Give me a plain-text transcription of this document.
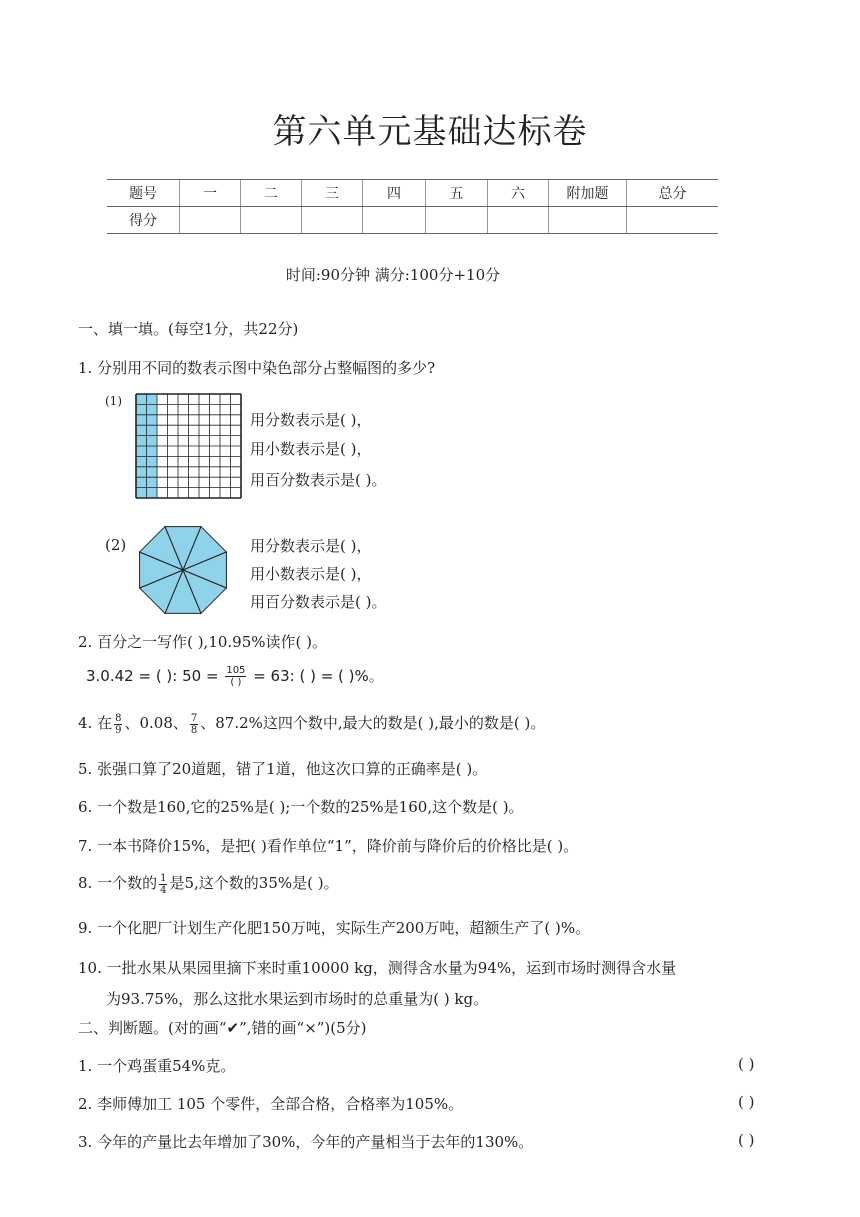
第六单元基础达标卷
题号	一	二	三	四	五	六	附加题	总分
得分								
时间:90分钟 满分:100分+10分
一、填一填。(每空1分，共22分)
1. 分别用不同的数表示图中染色部分占整幅图的多少?
(1)
用分数表示是( )，
用小数表示是( )，
用百分数表示是( )。
(2)	用分数表示是( )，
用小数表示是( )，
用百分数表示是( )。
2. 百分之一写作( ),10.95%读作( )。
3.0.42 = ( ): $50 = \frac{105}{( )} = 63$: ( ) = ( )%。
4. 在 $\frac{8}{9}$ 、0.08、 $\frac{7}{8}$ 、87.2%这四个数中,最大的数是( ),最小的数是( )。
5. 张强口算了20道题，错了1道，他这次口算的正确率是( )。
6. 一个数是160,它的25%是( );一个数的25%是160,这个数是( )。
7. 一本书降价15%，是把( )看作单位“1”，降价前与降价后的价格比是( )。
8. 一个数的 $\frac{1}{4}$ 是5,这个数的35%是( )。
9. 一个化肥厂计划生产化肥150万吨，实际生产200万吨，超额生产了( )%。
10. 一批水果从果园里摘下来时重10000 kg，测得含水量为94%，运到市场时测得含水量
为93.75%，那么这批水果运到市场时的总重量为( ) kg。
二、判断题。(对的画“✔”,错的画“×”)(5分)
1. 一个鸡蛋重54%克。	( )
2. 李师傅加工 105 个零件，全部合格，合格率为105%。	( )
3. 今年的产量比去年增加了30%，今年的产量相当于去年的130%。	( )
